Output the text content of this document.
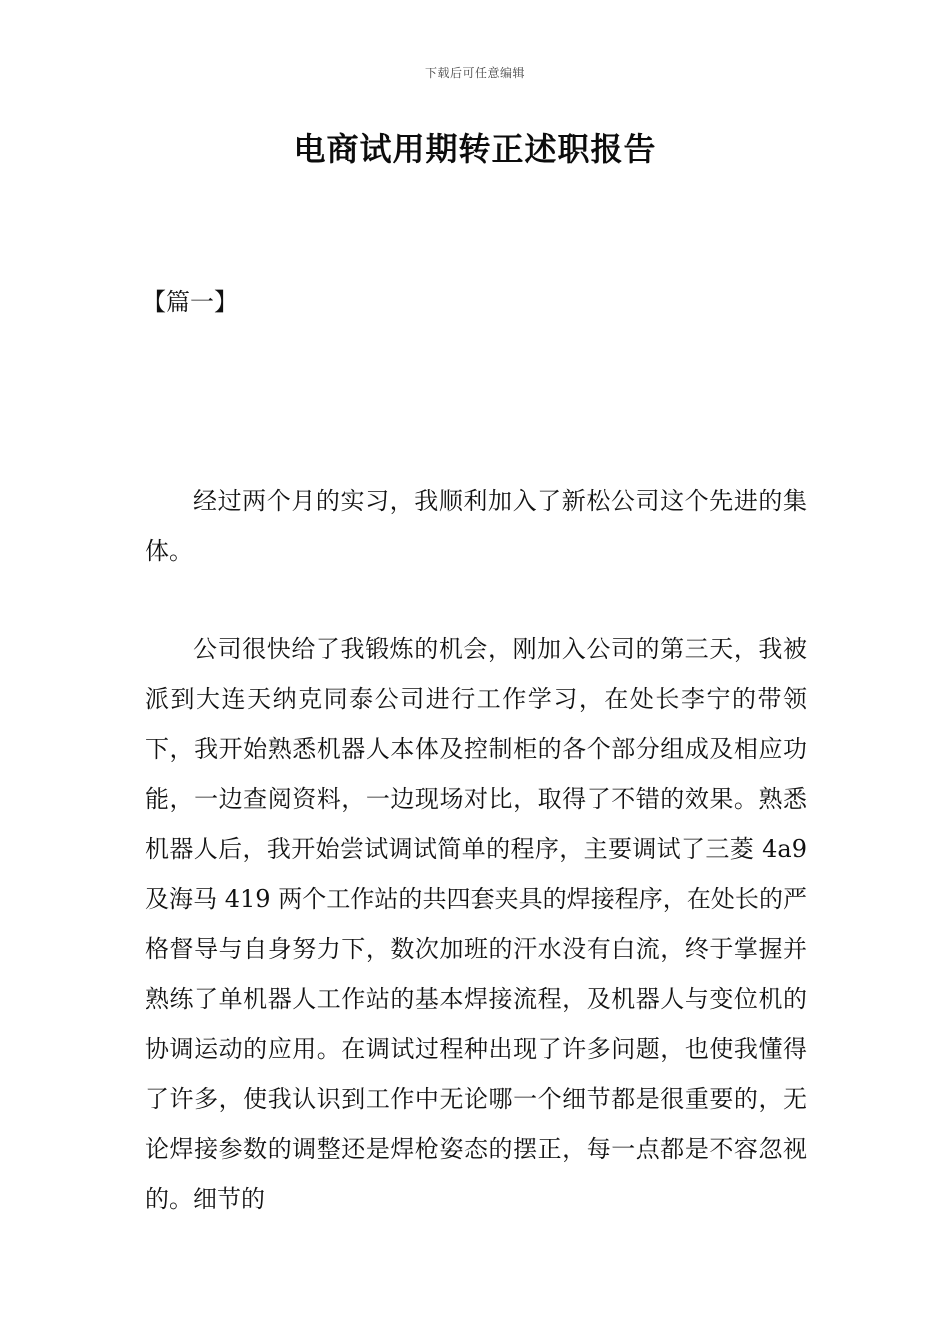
下载后可任意编辑
电商试用期转正述职报告
【篇一】

经过两个月的实习，我顺利加入了新松公司这个先进的集体。

公司很快给了我锻炼的机会，刚加入公司的第三天，我被派到大连天纳克同泰公司进行工作学习，在处长李宁的带领下，我开始熟悉机器人本体及控制柜的各个部分组成及相应功能，一边查阅资料，一边现场对比，取得了不错的效果。熟悉机器人后，我开始尝试调试简单的程序，主要调试了三菱 4a9 及海马 419 两个工作站的共四套夹具的焊接程序，在处长的严格督导与自身努力下，数次加班的汗水没有白流，终于掌握并熟练了单机器人工作站的基本焊接流程，及机器人与变位机的协调运动的应用。在调试过程种出现了许多问题，也使我懂得了许多，使我认识到工作中无论哪一个细节都是很重要的，无论焊接参数的调整还是焊枪姿态的摆正，每一点都是不容忽视的。细节的
